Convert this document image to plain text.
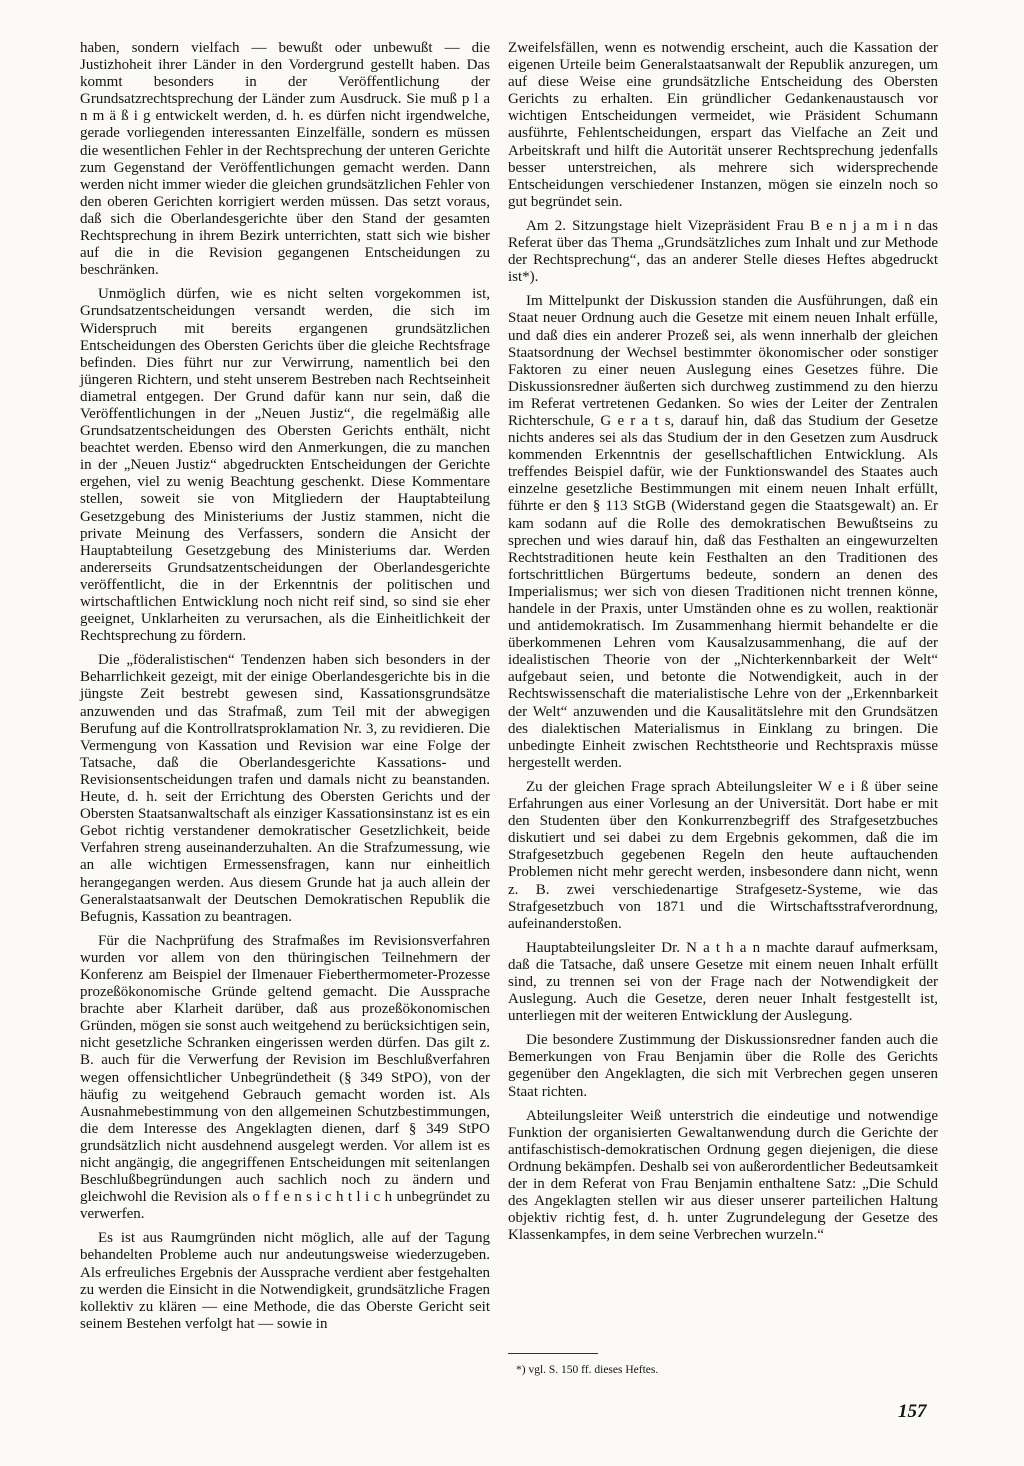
haben, sondern vielfach — bewußt oder unbewußt — die Justizhoheit ihrer Länder in den Vordergrund gestellt haben. Das kommt besonders in der Veröffentlichung der Grundsatzrechtsprechung der Länder zum Ausdruck. Sie muß p l a n m ä ß i g entwickelt werden, d. h. es dürfen nicht irgendwelche, gerade vorliegenden interessanten Einzelfälle, sondern es müssen die wesentlichen Fehler in der Rechtsprechung der unteren Gerichte zum Gegenstand der Veröffentlichungen gemacht werden. Dann werden nicht immer wieder die gleichen grundsätzlichen Fehler von den oberen Gerichten korrigiert werden müssen. Das setzt voraus, daß sich die Oberlandesgerichte über den Stand der gesamten Rechtsprechung in ihrem Bezirk unterrichten, statt sich wie bisher auf die in die Revision gegangenen Entscheidungen zu beschränken.

Unmöglich dürfen, wie es nicht selten vorgekommen ist, Grundsatzentscheidungen versandt werden, die sich im Widerspruch mit bereits ergangenen grundsätzlichen Entscheidungen des Obersten Gerichts über die gleiche Rechtsfrage befinden. Dies führt nur zur Verwirrung, namentlich bei den jüngeren Richtern, und steht unserem Bestreben nach Rechtseinheit diametral entgegen. Der Grund dafür kann nur sein, daß die Veröffentlichungen in der „Neuen Justiz“, die regelmäßig alle Grundsatzentscheidungen des Obersten Gerichts enthält, nicht beachtet werden. Ebenso wird den Anmerkungen, die zu manchen in der „Neuen Justiz“ abgedruckten Entscheidungen der Gerichte ergehen, viel zu wenig Beachtung geschenkt. Diese Kommentare stellen, soweit sie von Mitgliedern der Hauptabteilung Gesetzgebung des Ministeriums der Justiz stammen, nicht die private Meinung des Verfassers, sondern die Ansicht der Hauptabteilung Gesetzgebung des Ministeriums dar. Werden andererseits Grundsatzentscheidungen der Oberlandesgerichte veröffentlicht, die in der Erkenntnis der politischen und wirtschaftlichen Entwicklung noch nicht reif sind, so sind sie eher geeignet, Unklarheiten zu verursachen, als die Einheitlichkeit der Rechtsprechung zu fördern.

Die „föderalistischen“ Tendenzen haben sich besonders in der Beharrlichkeit gezeigt, mit der einige Oberlandesgerichte bis in die jüngste Zeit bestrebt gewesen sind, Kassationsgrundsätze anzuwenden und das Strafmaß, zum Teil mit der abwegigen Berufung auf die Kontrollratsproklamation Nr. 3, zu revidieren. Die Vermengung von Kassation und Revision war eine Folge der Tatsache, daß die Oberlandesgerichte Kassations- und Revisionsentscheidungen trafen und damals nicht zu beanstanden. Heute, d. h. seit der Errichtung des Obersten Gerichts und der Obersten Staatsanwaltschaft als einziger Kassationsinstanz ist es ein Gebot richtig verstandener demokratischer Gesetzlichkeit, beide Verfahren streng auseinanderzuhalten. An die Strafzumessung, wie an alle wichtigen Ermessensfragen, kann nur einheitlich herangegangen werden. Aus diesem Grunde hat ja auch allein der Generalstaatsanwalt der Deutschen Demokratischen Republik die Befugnis, Kassation zu beantragen.

Für die Nachprüfung des Strafmaßes im Revisionsverfahren wurden vor allem von den thüringischen Teilnehmern der Konferenz am Beispiel der Ilmenauer Fieberthermometer-Prozesse prozeßökonomische Gründe geltend gemacht. Die Aussprache brachte aber Klarheit darüber, daß aus prozeßökonomischen Gründen, mögen sie sonst auch weitgehend zu berücksichtigen sein, nicht gesetzliche Schranken eingerissen werden dürfen. Das gilt z. B. auch für die Verwerfung der Revision im Beschlußverfahren wegen offensichtlicher Unbegründetheit (§ 349 StPO), von der häufig zu weitgehend Gebrauch gemacht worden ist. Als Ausnahmebestimmung von den allgemeinen Schutzbestimmungen, die dem Interesse des Angeklagten dienen, darf § 349 StPO grundsätzlich nicht ausdehnend ausgelegt werden. Vor allem ist es nicht angängig, die angegriffenen Entscheidungen mit seitenlangen Beschlußbegründungen auch sachlich noch zu ändern und gleichwohl die Revision als o f f e n s i c h t l i c h unbegründet zu verwerfen.

Es ist aus Raumgründen nicht möglich, alle auf der Tagung behandelten Probleme auch nur andeutungsweise wiederzugeben. Als erfreuliches Ergebnis der Aussprache verdient aber festgehalten zu werden die Einsicht in die Notwendigkeit, grundsätzliche Fragen kollektiv zu klären — eine Methode, die das Oberste Gericht seit seinem Bestehen verfolgt hat — sowie in

Zweifelsfällen, wenn es notwendig erscheint, auch die Kassation der eigenen Urteile beim Generalstaatsanwalt der Republik anzuregen, um auf diese Weise eine grundsätzliche Entscheidung des Obersten Gerichts zu erhalten. Ein gründlicher Gedankenaustausch vor wichtigen Entscheidungen vermeidet, wie Präsident Schumann ausführte, Fehlentscheidungen, erspart das Vielfache an Zeit und Arbeitskraft und hilft die Autorität unserer Rechtsprechung jedenfalls besser unterstreichen, als mehrere sich widersprechende Entscheidungen verschiedener Instanzen, mögen sie einzeln noch so gut begründet sein.

Am 2. Sitzungstage hielt Vizepräsident Frau B e n j a m i n das Referat über das Thema „Grundsätzliches zum Inhalt und zur Methode der Rechtsprechung“, das an anderer Stelle dieses Heftes abgedruckt ist*).

Im Mittelpunkt der Diskussion standen die Ausführungen, daß ein Staat neuer Ordnung auch die Gesetze mit einem neuen Inhalt erfülle, und daß dies ein anderer Prozeß sei, als wenn innerhalb der gleichen Staatsordnung der Wechsel bestimmter ökonomischer oder sonstiger Faktoren zu einer neuen Auslegung eines Gesetzes führe. Die Diskussionsredner äußerten sich durchweg zustimmend zu den hierzu im Referat vertretenen Gedanken. So wies der Leiter der Zentralen Richterschule, G e r a t s, darauf hin, daß das Studium der Gesetze nichts anderes sei als das Studium der in den Gesetzen zum Ausdruck kommenden Erkenntnis der gesellschaftlichen Entwicklung. Als treffendes Beispiel dafür, wie der Funktionswandel des Staates auch einzelne gesetzliche Bestimmungen mit einem neuen Inhalt erfüllt, führte er den § 113 StGB (Widerstand gegen die Staatsgewalt) an. Er kam sodann auf die Rolle des demokratischen Bewußtseins zu sprechen und wies darauf hin, daß das Festhalten an eingewurzelten Rechtstraditionen heute kein Festhalten an den Traditionen des fortschrittlichen Bürgertums bedeute, sondern an denen des Imperialismus; wer sich von diesen Traditionen nicht trennen könne, handele in der Praxis, unter Umständen ohne es zu wollen, reaktionär und antidemokratisch. Im Zusammenhang hiermit behandelte er die überkommenen Lehren vom Kausalzusammenhang, die auf der idealistischen Theorie von der „Nichterkennbarkeit der Welt“ aufgebaut seien, und betonte die Notwendigkeit, auch in der Rechtswissenschaft die materialistische Lehre von der „Erkennbarkeit der Welt“ anzuwenden und die Kausalitätslehre mit den Grundsätzen des dialektischen Materialismus in Einklang zu bringen. Die unbedingte Einheit zwischen Rechtstheorie und Rechtspraxis müsse hergestellt werden.

Zu der gleichen Frage sprach Abteilungsleiter W e i ß über seine Erfahrungen aus einer Vorlesung an der Universität. Dort habe er mit den Studenten über den Konkurrenzbegriff des Strafgesetzbuches diskutiert und sei dabei zu dem Ergebnis gekommen, daß die im Strafgesetzbuch gegebenen Regeln den heute auftauchenden Problemen nicht mehr gerecht werden, insbesondere dann nicht, wenn z. B. zwei verschiedenartige Strafgesetz-Systeme, wie das Strafgesetzbuch von 1871 und die Wirtschaftsstrafverordnung, aufeinanderstoßen.

Hauptabteilungsleiter Dr. N a t h a n machte darauf aufmerksam, daß die Tatsache, daß unsere Gesetze mit einem neuen Inhalt erfüllt sind, zu trennen sei von der Frage nach der Notwendigkeit der Auslegung. Auch die Gesetze, deren neuer Inhalt festgestellt ist, unterliegen mit der weiteren Entwicklung der Auslegung.

Die besondere Zustimmung der Diskussionsredner fanden auch die Bemerkungen von Frau Benjamin über die Rolle des Gerichts gegenüber den Angeklagten, die sich mit Verbrechen gegen unseren Staat richten.

Abteilungsleiter Weiß unterstrich die eindeutige und notwendige Funktion der organisierten Gewaltanwendung durch die Gerichte der antifaschistisch-demokratischen Ordnung gegen diejenigen, die diese Ordnung bekämpfen. Deshalb sei von außerordentlicher Bedeutsamkeit der in dem Referat von Frau Benjamin enthaltene Satz: „Die Schuld des Angeklagten stellen wir aus dieser unserer parteilichen Haltung objektiv richtig fest, d. h. unter Zugrundelegung der Gesetze des Klassenkampfes, in dem seine Verbrechen wurzeln.“

*) vgl. S. 150 ff. dieses Heftes.
157
